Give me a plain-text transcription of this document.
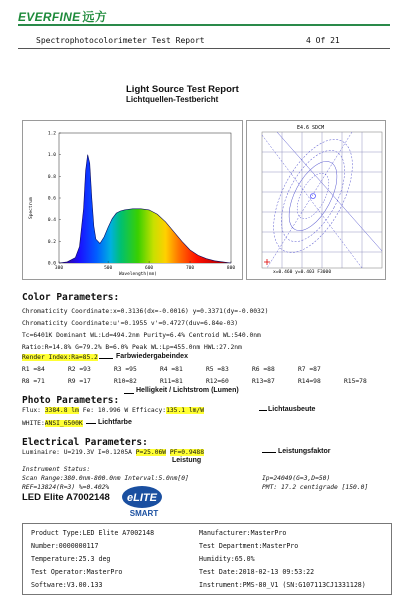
EVERFINE 远方
Spectrophotocolorimeter Test Report	4 Of 21
Light Source Test Report
Lichtquellen-Testbericht
380	500	600	700	800
0.0
0.2
0.4
0.6
0.8
1.0
1.2
Spectrum
Wavelength(nm)
E4.6 SDCM
x=0.460 y=0.403 F3000
Color Parameters:
Chromaticity Coordinate:x=0.3136(dx=-0.0016) y=0.3371(dy=-0.0032)
Chromaticity Coordinate:u'=0.1955 v'=0.4727(duv=6.84e-03)
Tc=6401K Dominant WL:Ld=494.2nm Purity=6.4% Centroid WL:540.0nm
Ratio:R=14.8% G=79.2% B=6.0% Peak WL:Lp=455.0nm HWL:27.2nm
Render Index:Ra=85.2	Farbwiedergabeindex
R1 =84	R2 =93	R3 =95	R4 =81	R5 =83	R6 =88	R7 =87
R8 =71	R9 =17	R10=82	R11=81	R12=60	R13=87	R14=98	R15=78
Photo Parameters:
Helligkeit / Lichtstrom (Lumen)
Flux: 3384.8 lm Fe: 10.996 W Efficacy:135.1 lm/W	Lichtausbeute
WHITE:ANSI_6500K Lichtfarbe
Electrical Parameters:
Luminaire: U=219.3V I=0.1205A P=25.06W PF=0.9488	Leistungsfaktor
Leistung
Instrument Status:
Scan Range:380.0nm-800.0nm Interval:5.0nm[0]	Ip=24049(G=3,D=50)
REF=13824(R=3) %=0.402%	PMT: 17.2 centigrade [150.0]
LED Elite A7002148 eLITE
SMART
Product Type:LED Elite A7002148
Number:0000000117
Temperature:25.3 deg
Test Operator:MasterPro
Software:V3.00.133
Manufacturer:MasterPro
Test Department:MasterPro
Humidity:65.0%
Test Date:2018-02-13 09:53:22
Instrument:PMS-80_V1 (SN:G107113CJ1331128)
